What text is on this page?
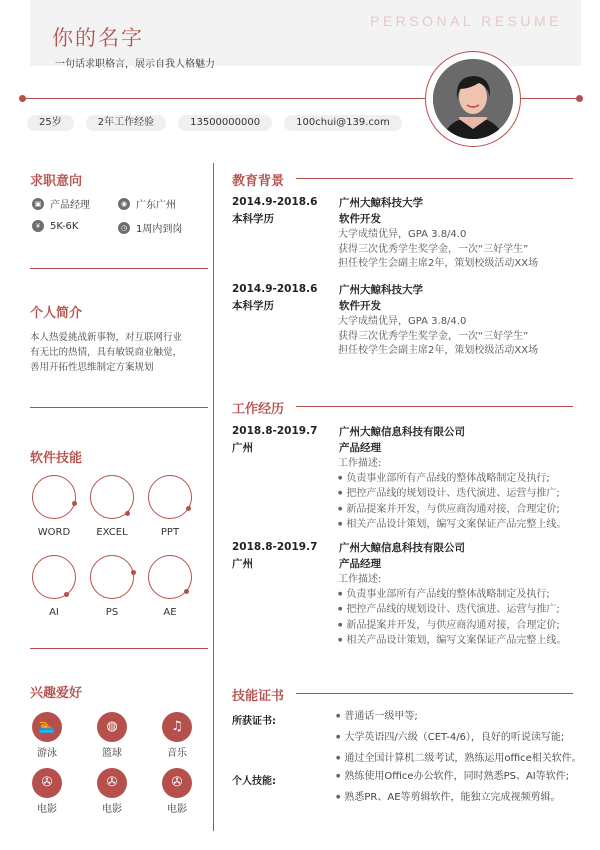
你的名字
一句话求职格言，展示自我人格魅力
PERSONAL RESUME
25岁	2年工作经验	13500000000	100chui@139.com
求职意向
▣ 产品经理	◉ 广东广州
¥ 5K-6K	◷ 1周内到岗
个人简介
本人热爱挑战新事物，对互联网行业
有无比的热情，具有敏锐商业触觉，
善用开拓性思维制定方案规划
软件技能
WORD	EXCEL	PPT
AI	PS	AE
兴趣爱好
🏊
游泳
◍
篮球
♫
音乐
✇
电影
✇
电影
✇
电影
教育背景
2014.9-2018.6	广州大鲸科技大学
本科学历	软件开发
大学成绩优异，GPA 3.8/4.0
获得三次优秀学生奖学金，一次“三好学生”
担任校学生会副主席2年，策划校级活动XX场
2014.9-2018.6	广州大鲸科技大学
本科学历	软件开发
大学成绩优异，GPA 3.8/4.0
获得三次优秀学生奖学金，一次“三好学生”
担任校学生会副主席2年，策划校级活动XX场
工作经历
2018.8-2019.7	广州大鲸信息科技有限公司
广州	产品经理
工作描述:
● 负责事业部所有产品线的整体战略制定及执行;
● 把控产品线的规划设计、迭代演进、运营与推广;
● 新品提案并开发，与供应商沟通对接，合理定价;
● 相关产品设计策划，编写文案保证产品完整上线。
2018.8-2019.7	广州大鲸信息科技有限公司
广州	产品经理
工作描述:
● 负责事业部所有产品线的整体战略制定及执行;
● 把控产品线的规划设计、迭代演进、运营与推广;
● 新品提案并开发，与供应商沟通对接，合理定价;
● 相关产品设计策划，编写文案保证产品完整上线。
技能证书
所获证书:	● 普通话一级甲等;
● 大学英语四/六级（CET-4/6），良好的听说读写能;
● 通过全国计算机二级考试，熟练运用office相关软件。
个人技能:	● 熟练使用Office办公软件，同时熟悉PS、AI等软件;
● 熟悉PR、AE等剪辑软件，能独立完成视频剪辑。
